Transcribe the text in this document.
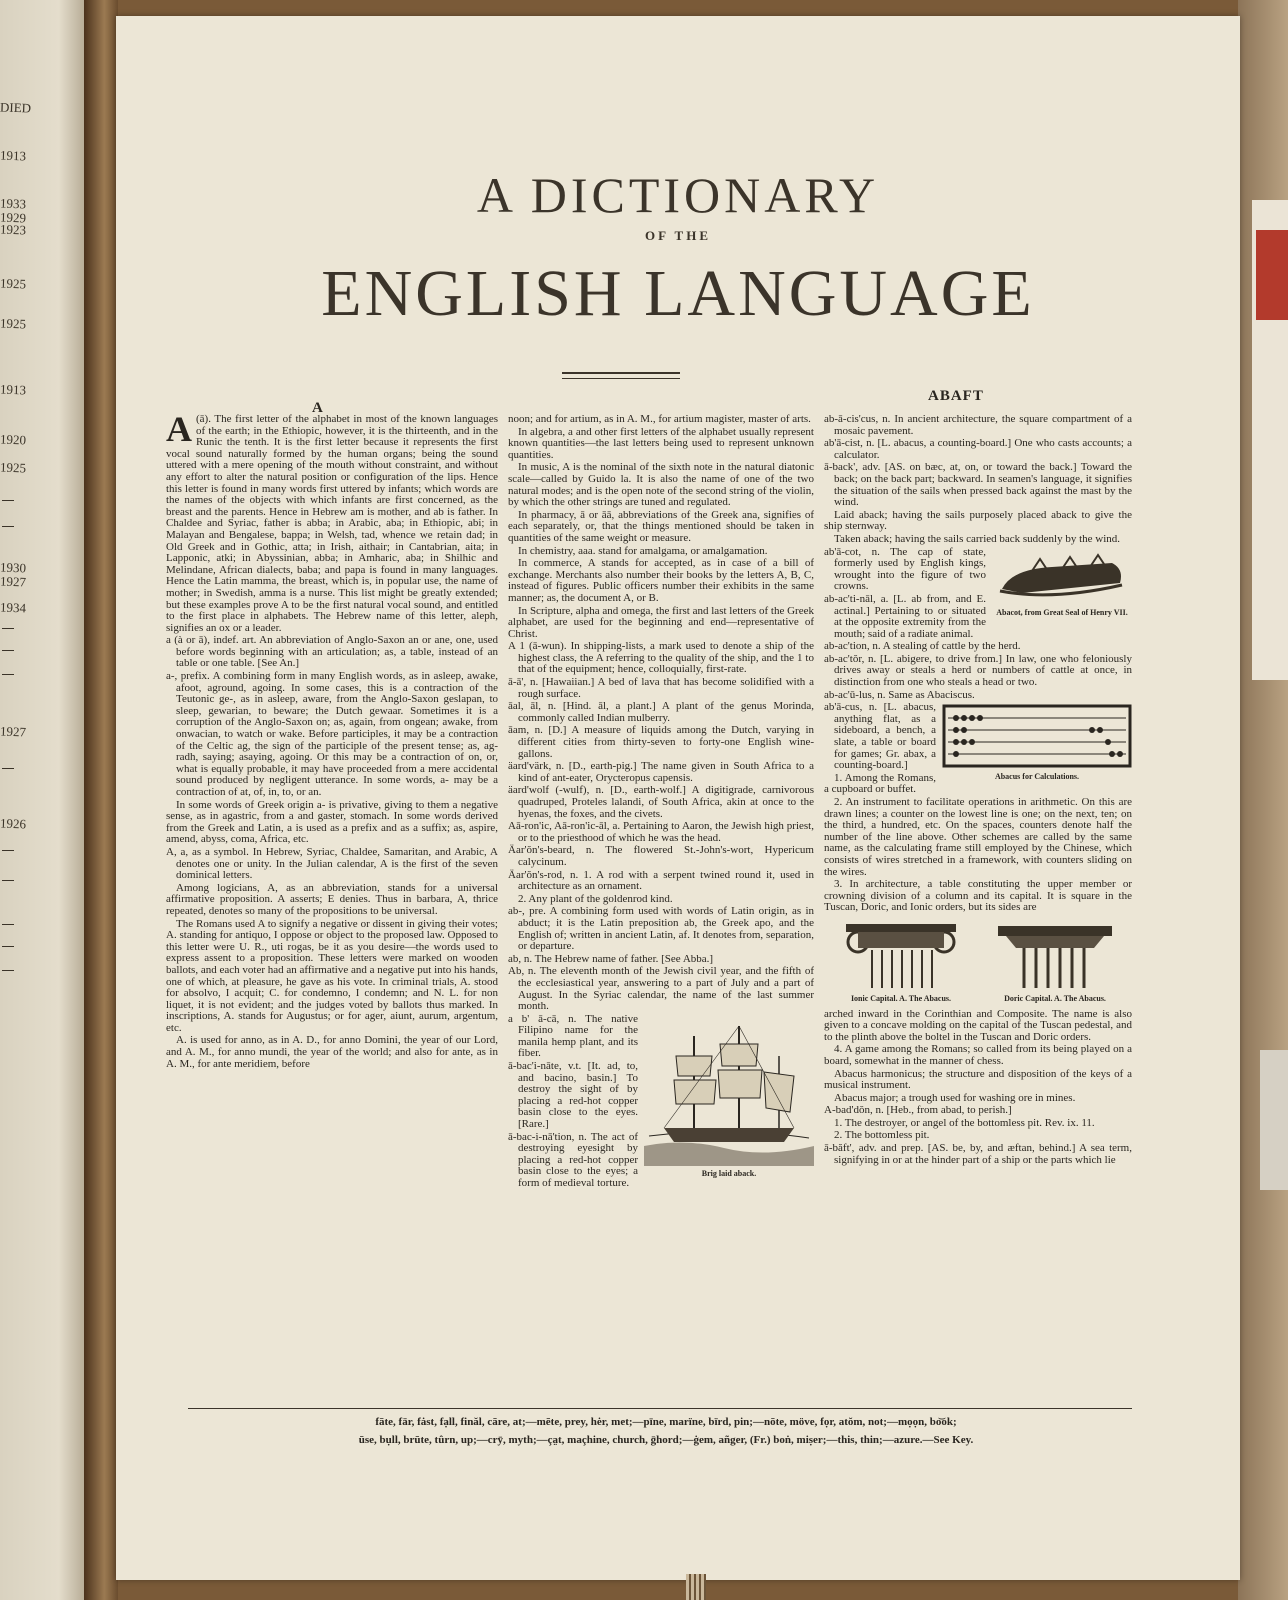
DIED
1913
1933
1929
1923
1925
1925
1913
1920
1925
1930
1927
1934
1927
1926
A DICTIONARY
OF THE
ENGLISH LANGUAGE
A
ABAFT

A (ā). The first letter of the alphabet in most of the known languages of the earth; in the Ethiopic, however, it is the thirteenth, and in the Runic the tenth. It is the first letter because it represents the first vocal sound naturally formed by the human organs; being the sound uttered with a mere opening of the mouth without constraint, and without any effort to alter the natural position or configuration of the lips. Hence this letter is found in many words first uttered by infants; which words are the names of the objects with which infants are first concerned, as the breast and the parents. Hence in Hebrew am is mother, and ab is father. In Chaldee and Syriac, father is abba; in Arabic, aba; in Ethiopic, abi; in Malayan and Bengalese, bappa; in Welsh, tad, whence we retain dad; in Old Greek and in Gothic, atta; in Irish, aithair; in Cantabrian, aita; in Lapponic, atki; in Abyssinian, abba; in Amharic, aba; in Shilhic and Melindane, African dialects, baba; and papa is found in many languages. Hence the Latin mamma, the breast, which is, in popular use, the name of mother; in Swedish, amma is a nurse. This list might be greatly extended; but these examples prove A to be the first natural vocal sound, and entitled to the first place in alphabets. The Hebrew name of this letter, aleph, signifies an ox or a leader.

a (à or ā), indef. art. An abbreviation of Anglo-Saxon an or ane, one, used before words beginning with an articulation; as, a table, instead of an table or one table. [See An.]

a-, prefix. A combining form in many English words, as in asleep, awake, afoot, aground, agoing. In some cases, this is a contraction of the Teutonic ge-, as in asleep, aware, from the Anglo-Saxon geslapan, to sleep, gewarian, to beware; the Dutch gewaar. Sometimes it is a corruption of the Anglo-Saxon on; as, again, from ongean; awake, from onwacian, to watch or wake. Before participles, it may be a contraction of the Celtic ag, the sign of the participle of the present tense; as, ag-radh, saying; asaying, agoing. Or this may be a contraction of on, or, what is equally probable, it may have proceeded from a mere accidental sound produced by negligent utterance. In some words, a- may be a contraction of at, of, in, to, or an.

In some words of Greek origin a- is privative, giving to them a negative sense, as in agastric, from a and gaster, stomach. In some words derived from the Greek and Latin, a is used as a prefix and as a suffix; as, aspire, amend, abyss, coma, Africa, etc.

A, a, as a symbol. In Hebrew, Syriac, Chaldee, Samaritan, and Arabic, A denotes one or unity. In the Julian calendar, A is the first of the seven dominical letters.

Among logicians, A, as an abbreviation, stands for a universal affirmative proposition. A asserts; E denies. Thus in barbara, A, thrice repeated, denotes so many of the propositions to be universal.

The Romans used A to signify a negative or dissent in giving their votes; A. standing for antiquo, I oppose or object to the proposed law. Opposed to this letter were U. R., uti rogas, be it as you desire—the words used to express assent to a proposition. These letters were marked on wooden ballots, and each voter had an affirmative and a negative put into his hands, one of which, at pleasure, he gave as his vote. In criminal trials, A. stood for absolvo, I acquit; C. for condemno, I condemn; and N. L. for non liquet, it is not evident; and the judges voted by ballots thus marked. In inscriptions, A. stands for Augustus; or for ager, aiunt, aurum, argentum, etc.

A. is used for anno, as in A. D., for anno Domini, the year of our Lord, and A. M., for anno mundi, the year of the world; and also for ante, as in A. M., for ante meridiem, before

noon; and for artium, as in A. M., for artium magister, master of arts.

In algebra, a and other first letters of the alphabet usually represent known quantities—the last letters being used to represent unknown quantities.

In music, A is the nominal of the sixth note in the natural diatonic scale—called by Guido la. It is also the name of one of the two natural modes; and is the open note of the second string of the violin, by which the other strings are tuned and regulated.

In pharmacy, ā or āā, abbreviations of the Greek ana, signifies of each separately, or, that the things mentioned should be taken in quantities of the same weight or measure.

In chemistry, aaa. stand for amalgama, or amalgamation.

In commerce, A stands for accepted, as in case of a bill of exchange. Merchants also number their books by the letters A, B, C, instead of figures. Public officers number their exhibits in the same manner; as, the document A, or B.

In Scripture, alpha and omega, the first and last letters of the Greek alphabet, are used for the beginning and end—representative of Christ.

A 1 (ā-wun). In shipping-lists, a mark used to denote a ship of the highest class, the A referring to the quality of the ship, and the 1 to that of the equipment; hence, colloquially, first-rate.

ā-ā', n. [Hawaiian.] A bed of lava that has become solidified with a rough surface.

āal, āl, n. [Hind. āl, a plant.] A plant of the genus Morinda, commonly called Indian mulberry.

āam, n. [D.] A measure of liquids among the Dutch, varying in different cities from thirty-seven to forty-one English wine-gallons.

äard'värk, n. [D., earth-pig.] The name given in South Africa to a kind of ant-eater, Orycteropus capensis.

äard'wolf (-wulf), n. [D., earth-wolf.] A digitigrade, carnivorous quadruped, Proteles lalandi, of South Africa, akin at once to the hyenas, the foxes, and the civets.

Aā-ron'ic, Aā-ron'ic-āl, a. Pertaining to Aaron, the Jewish high priest, or to the priesthood of which he was the head.

Äar'ŏn's-beard, n. The flowered St.-John's-wort, Hypericum calycinum.

Äar'ŏn's-rod, n. 1. A rod with a serpent twined round it, used in architecture as an ornament.

2. Any plant of the goldenrod kind.

ab-, pre. A combining form used with words of Latin origin, as in abduct; it is the Latin preposition ab, the Greek apo, and the English of; written in ancient Latin, af. It denotes from, separation, or departure.

ab, n. The Hebrew name of father. [See Abba.]

Ab, n. The eleventh month of the Jewish civil year, and the fifth of the ecclesiastical year, answering to a part of July and a part of August. In the Syriac calendar, the name of the last summer month.

Brig laid aback.

a b' ā-cā, n. The native Filipino name for the manila hemp plant, and its fiber.

ā-bac'i-nāte, v.t. [It. ad, to, and bacino, basin.] To destroy the sight of by placing a red-hot copper basin close to the eyes. [Rare.]

ā-bac-i-nā'tion, n. The act of destroying eyesight by placing a red-hot copper basin close to the eyes; a form of medieval torture.

ab-ā-cis'cus, n. In ancient architecture, the square compartment of a mosaic pavement.

ab'ā-cist, n. [L. abacus, a counting-board.] One who casts accounts; a calculator.

ā-back', adv. [AS. on bæc, at, on, or toward the back.] Toward the back; on the back part; backward. In seamen's language, it signifies the situation of the sails when pressed back against the mast by the wind.

Laid aback; having the sails purposely placed aback to give the ship sternway.

Taken aback; having the sails carried back suddenly by the wind.

Abacot, from Great Seal of Henry VII.

ab'ā-cot, n. The cap of state, formerly used by English kings, wrought into the figure of two crowns.

ab-ac'ti-nāl, a. [L. ab from, and E. actinal.] Pertaining to or situated at the opposite extremity from the mouth; said of a radiate animal.

ab-ac'tion, n. A stealing of cattle by the herd.

ab-ac'tŏr, n. [L. abigere, to drive from.] In law, one who feloniously drives away or steals a herd or numbers of cattle at once, in distinction from one who steals a head or two.

ab-ac'ū-lus, n. Same as Abaciscus.

Abacus for Calculations.

ab'ā-cus, n. [L. abacus, anything flat, as a sideboard, a bench, a slate, a table or board for games; Gr. abax, a counting-board.]

1. Among the Romans, a cupboard or buffet.

2. An instrument to facilitate operations in arithmetic. On this are drawn lines; a counter on the lowest line is one; on the next, ten; on the third, a hundred, etc. On the spaces, counters denote half the number of the line above. Other schemes are called by the same name, as the calculating frame still employed by the Chinese, which consists of wires stretched in a framework, with counters sliding on the wires.

3. In architecture, a table constituting the upper member or crowning division of a column and its capital. It is square in the Tuscan, Doric, and Ionic orders, but its sides are

Ionic Capital. A. The Abacus.	Doric Capital. A. The Abacus.

arched inward in the Corinthian and Composite. The name is also given to a concave molding on the capital of the Tuscan pedestal, and to the plinth above the boltel in the Tuscan and Doric orders.

4. A game among the Romans; so called from its being played on a board, somewhat in the manner of chess.

Abacus harmonicus; the structure and disposition of the keys of a musical instrument.

Abacus major; a trough used for washing ore in mines.

A-bad'dŏn, n. [Heb., from abad, to perish.]

1. The destroyer, or angel of the bottomless pit. Rev. ix. 11.

2. The bottomless pit.

ā-băft', adv. and prep. [AS. be, by, and æftan, behind.] A sea term, signifying in or at the hinder part of a ship or the parts which lie

fāte, fär, fȧst, fạll, finăl, cāre, at;—mēte, prey, hėr, met;—pīne, marïne, bïrd, pin;—nōte, möve, fọr, atŏm, not;—mọọn, bo͝ok;
ūse, bụll, brūte, tûrn, up;—crȳ, myth;—ça̤t, maçhine, church, ḡhord;—ġem, añger, (Fr.) boṅ, miṣer;—this, thin;—azure.—See Key.
